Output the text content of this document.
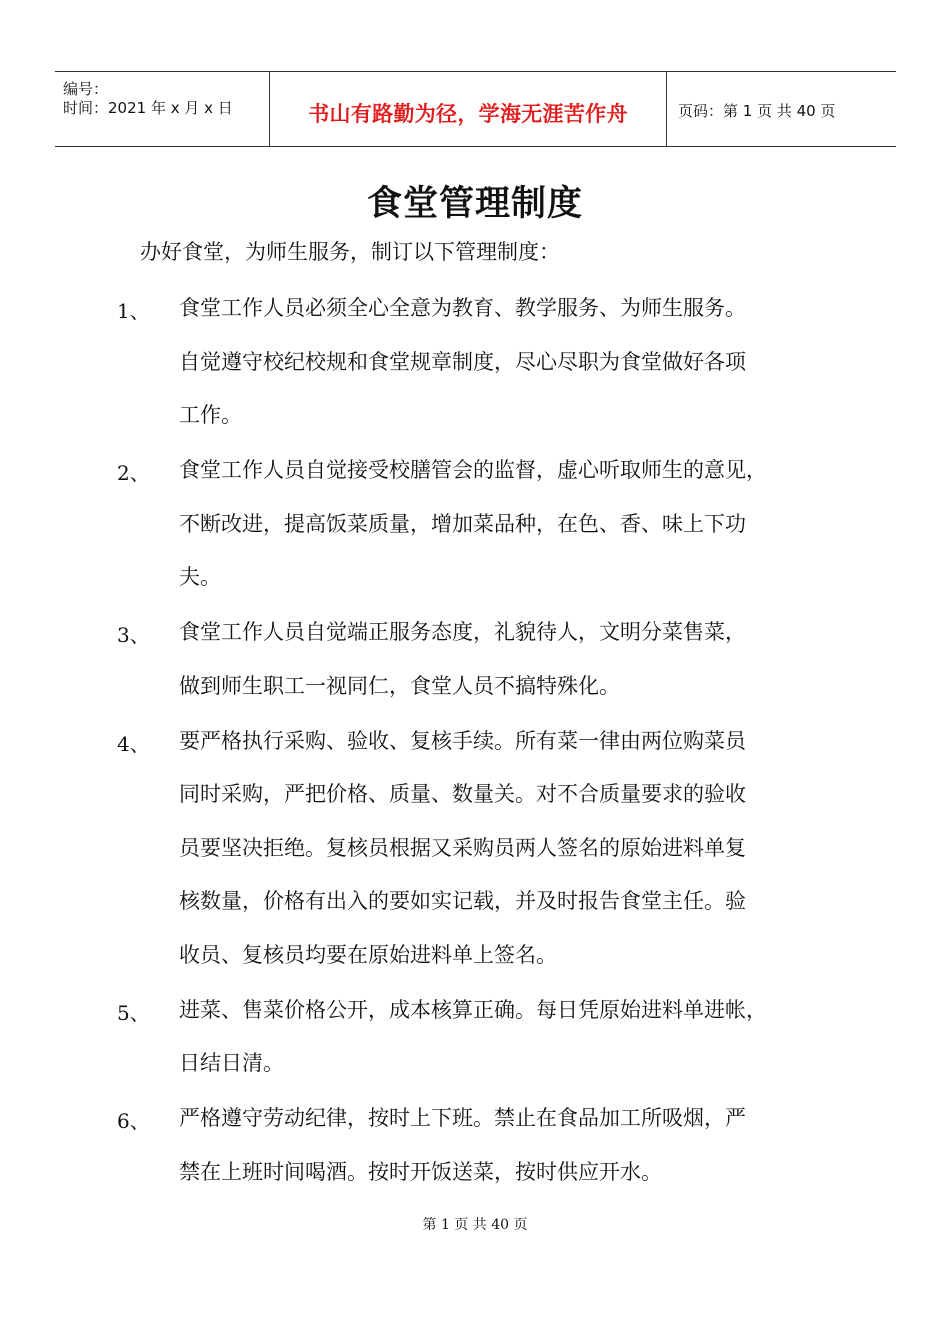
编号：
时间：2021 年 x 月 x 日	书山有路勤为径，学海无涯苦作舟	页码：第 1 页 共 40 页
食堂管理制度
办好食堂，为师生服务，制订以下管理制度：
1、 食堂工作人员必须全心全意为教育、教学服务、为师生服务。
自觉遵守校纪校规和食堂规章制度，尽心尽职为食堂做好各项
工作。
2、 食堂工作人员自觉接受校膳管会的监督，虚心听取师生的意见，
不断改进，提高饭菜质量，增加菜品种，在色、香、味上下功
夫。
3、 食堂工作人员自觉端正服务态度，礼貌待人，文明分菜售菜，
做到师生职工一视同仁，食堂人员不搞特殊化。
4、 要严格执行采购、验收、复核手续。所有菜一律由两位购菜员
同时采购，严把价格、质量、数量关。对不合质量要求的验收
员要坚决拒绝。复核员根据又采购员两人签名的原始进料单复
核数量，价格有出入的要如实记载，并及时报告食堂主任。验
收员、复核员均要在原始进料单上签名。
5、 进菜、售菜价格公开，成本核算正确。每日凭原始进料单进帐，
日结日清。
6、 严格遵守劳动纪律，按时上下班。禁止在食品加工所吸烟，严
禁在上班时间喝酒。按时开饭送菜，按时供应开水。
第 1 页 共 40 页
